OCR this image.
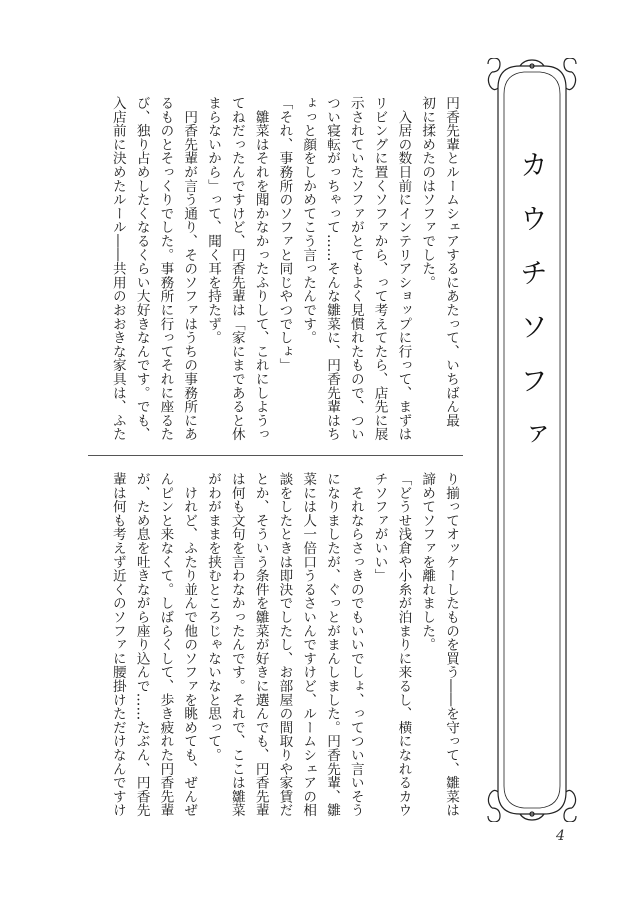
円香先輩とルームシェアするにあたって、いちばん最
初に揉めたのはソファでした。
　入居の数日前にインテリアショップに行って、まずは
リビングに置くソファから、って考えてたら、店先に展
示されていたソファがとてもよく見慣れたもので、つい
つい寝転がっちゃって……そんな雛菜に、円香先輩はち
ょっと顔をしかめてこう言ったんです。
「それ、事務所のソファと同じやつでしょ」
　雛菜はそれを聞かなかったふりして、これにしようっ
てねだったんですけど、円香先輩は「家にまであると休
まらないから」って、聞く耳を持たず。
　円香先輩が言う通り、そのソファはうちの事務所にあ
るものとそっくりでした。事務所に行ってそれに座るた
び、独り占めしたくなるくらい大好きなんです。でも、
入店前に決めたルール――共用のおおきな家具は、ふた
り揃ってオッケーしたものを買う――を守って、雛菜は
諦めてソファを離れました。
「どうせ浅倉や小糸が泊まりに来るし、横になれるカウ
チソファがいい」
　それならさっきのでもいいでしょ、ってつい言いそう
になりましたが、ぐっとがまんしました。円香先輩、雛
菜には人一倍口うるさいんですけど、ルームシェアの相
談をしたときは即決でしたし、お部屋の間取りや家賃だ
とか、そういう条件を雛菜が好きに選んでも、円香先輩
は何も文句を言わなかったんです。それで、ここは雛菜
がわがままを挟むところじゃないなと思って。
　けれど、ふたり並んで他のソファを眺めても、ぜんぜ
んピンと来なくて。しばらくして、歩き疲れた円香先輩
が、ため息を吐きながら座り込んで……たぶん、円香先
輩は何も考えず近くのソファに腰掛けただけなんですけ
カウチソファ
4
